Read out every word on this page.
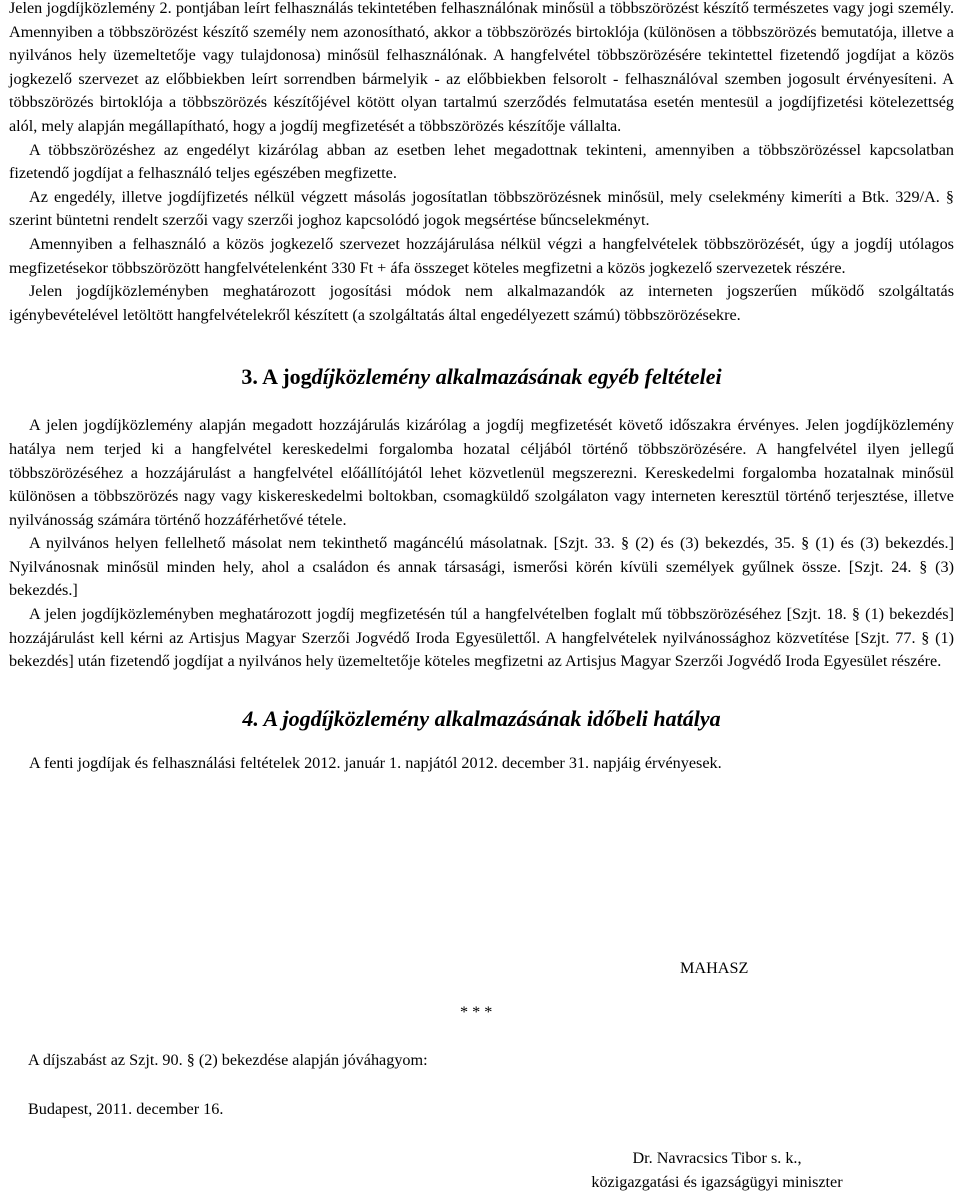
Jelen jogdíjközlemény 2. pontjában leírt felhasználás tekintetében felhasználónak minősül a többszörözést készítő természetes vagy jogi személy. Amennyiben a többszörözést készítő személy nem azonosítható, akkor a többszörözés birtoklója (különösen a többszörözés bemutatója, illetve a nyilvános hely üzemeltetője vagy tulajdonosa) minősül felhasználónak. A hangfelvétel többszörözésére tekintettel fizetendő jogdíjat a közös jogkezelő szervezet az előbbiekben leírt sorrendben bármelyik - az előbbiekben felsorolt - felhasználóval szemben jogosult érvényesíteni. A többszörözés birtoklója a többszörözés készítőjével kötött olyan tartalmú szerződés felmutatása esetén mentesül a jogdíjfizetési kötelezettség alól, mely alapján megállapítható, hogy a jogdíj megfizetését a többszörözés készítője vállalta.

A többszörözéshez az engedélyt kizárólag abban az esetben lehet megadottnak tekinteni, amennyiben a többszörözéssel kapcsolatban fizetendő jogdíjat a felhasználó teljes egészében megfizette.

Az engedély, illetve jogdíjfizetés nélkül végzett másolás jogosítatlan többszörözésnek minősül, mely cselekmény kimeríti a Btk. 329/A. § szerint büntetni rendelt szerzői vagy szerzői joghoz kapcsolódó jogok megsértése bűncselekményt.

Amennyiben a felhasználó a közös jogkezelő szervezet hozzájárulása nélkül végzi a hangfelvételek többszörözését, úgy a jogdíj utólagos megfizetésekor többszörözött hangfelvételenként 330 Ft + áfa összeget köteles megfizetni a közös jogkezelő szervezetek részére.

Jelen jogdíjközleményben meghatározott jogosítási módok nem alkalmazandók az interneten jogszerűen működő szolgáltatás igénybevételével letöltött hangfelvételekről készített (a szolgáltatás által engedélyezett számú) többszörözésekre.

3. A jogdíjközlemény alkalmazásának egyéb feltételei

A jelen jogdíjközlemény alapján megadott hozzájárulás kizárólag a jogdíj megfizetését követő időszakra érvényes. Jelen jogdíjközlemény hatálya nem terjed ki a hangfelvétel kereskedelmi forgalomba hozatal céljából történő többszörözésére. A hangfelvétel ilyen jellegű többszörözéséhez a hozzájárulást a hangfelvétel előállítójától lehet közvetlenül megszerezni. Kereskedelmi forgalomba hozatalnak minősül különösen a többszörözés nagy vagy kiskereskedelmi boltokban, csomagküldő szolgálaton vagy interneten keresztül történő terjesztése, illetve nyilvánosság számára történő hozzáférhetővé tétele.

A nyilvános helyen fellelhető másolat nem tekinthető magáncélú másolatnak. [Szjt. 33. § (2) és (3) bekezdés, 35. § (1) és (3) bekezdés.] Nyilvánosnak minősül minden hely, ahol a családon és annak társasági, ismerősi körén kívüli személyek gyűlnek össze. [Szjt. 24. § (3) bekezdés.]

A jelen jogdíjközleményben meghatározott jogdíj megfizetésén túl a hangfelvételben foglalt mű többszörözéséhez [Szjt. 18. § (1) bekezdés] hozzájárulást kell kérni az Artisjus Magyar Szerzői Jogvédő Iroda Egyesülettől. A hangfelvételek nyilvánossághoz közvetítése [Szjt. 77. § (1) bekezdés] után fizetendő jogdíjat a nyilvános hely üzemeltetője köteles megfizetni az Artisjus Magyar Szerzői Jogvédő Iroda Egyesület részére.

4. A jogdíjközlemény alkalmazásának időbeli hatálya

A fenti jogdíjak és felhasználási feltételek 2012. január 1. napjától 2012. december 31. napjáig érvényesek.

MAHASZ
* * *
A díjszabást az Szjt. 90. § (2) bekezdése alapján jóváhagyom:
Budapest, 2011. december 16.
Dr. Navracsics Tibor s. k.,
közigazgatási és igazságügyi miniszter
